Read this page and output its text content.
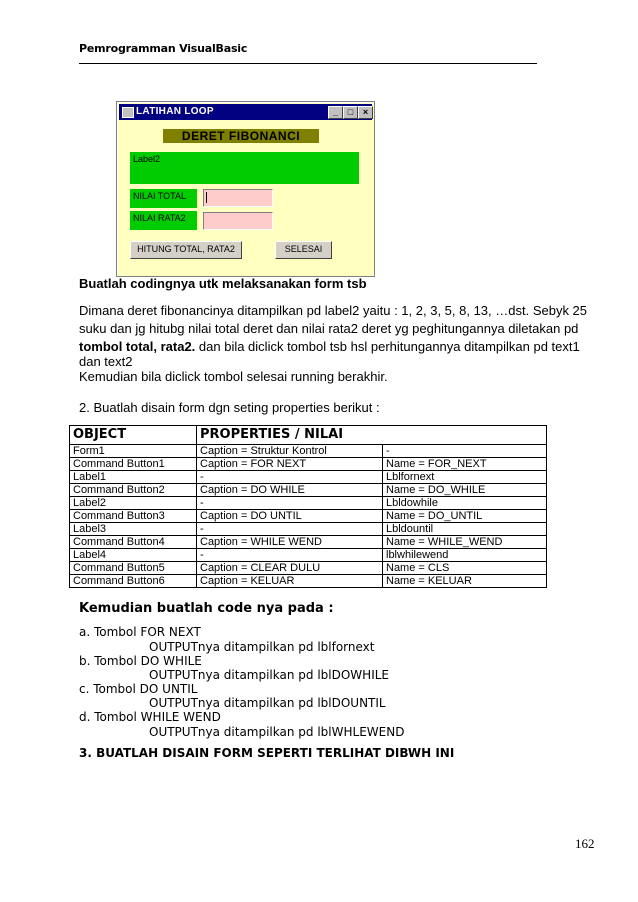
Pemrogramman VisualBasic
LATIHAN LOOP	_	□	×
DERET FIBONANCI
Label2
NILAI TOTAL
NILAI RATA2
HITUNG TOTAL, RATA2	SELESAI
Buatlah codingnya utk melaksanakan form tsb
Dimana deret fibonancinya ditampilkan pd label2 yaitu : 1, 2, 3, 5, 8, 13, …dst. Sebyk 25
suku dan jg hitubg nilai total deret dan nilai rata2 deret yg peghitungannya diletakan pd
tombol total, rata2. dan bila diclick tombol tsb hsl perhitungannya ditampilkan pd text1
dan text2
Kemudian bila diclick tombol selesai running berakhir.
2. Buatlah disain form dgn seting properties berikut :
OBJECT	PROPERTIES / NILAI	
Form1	Caption = Struktur Kontrol	-
Command Button1	Caption = FOR NEXT	Name = FOR_NEXT
Label1	-	Lblfornext
Command Button2	Caption = DO WHILE	Name = DO_WHILE
Label2	-	Lbldowhile
Command Button3	Caption = DO UNTIL	Name = DO_UNTIL
Label3	-	Lbldountil
Command Button4	Caption = WHILE WEND	Name = WHILE_WEND
Label4	-	lblwhilewend
Command Button5	Caption = CLEAR DULU	Name = CLS
Command Button6	Caption = KELUAR	Name = KELUAR
Kemudian buatlah code nya pada :
a. Tombol FOR NEXT
OUTPUTnya ditampilkan pd lblfornext
b. Tombol DO WHILE
OUTPUTnya ditampilkan pd lblDOWHILE
c. Tombol DO UNTIL
OUTPUTnya ditampilkan pd lblDOUNTIL
d. Tombol WHILE WEND
OUTPUTnya ditampilkan pd lblWHLEWEND
3. BUATLAH DISAIN FORM SEPERTI TERLIHAT DIBWH INI
162
